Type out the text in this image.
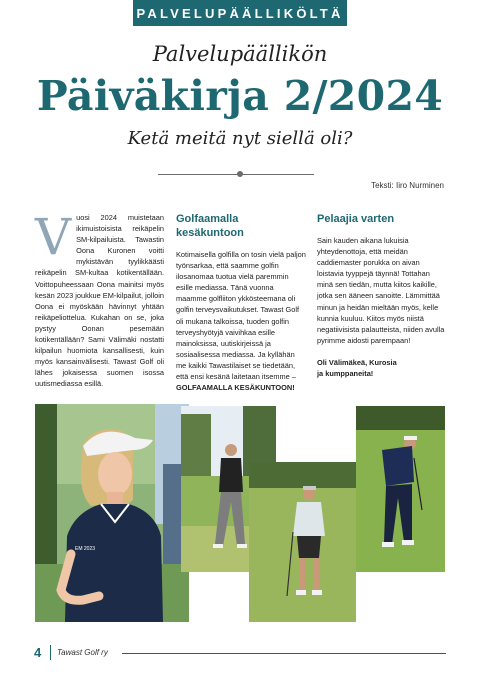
PALVELUPÄÄLLIKÖLTÄ
Palvelupäällikön
Päiväkirja 2/2024
Ketä meitä nyt siellä oli?
Teksti: Iiro Nurminen
V uosi 2024 muistetaan ikimuistoisista reikäpelin SM-kilpailuista. Tawastin Oona Kuronen voitti mykistävän tyylikkäästi reikäpelin SM-kultaa kotikentällään. Voittopuheessaan Oona mainitsi myös kesän 2023 joukkue EM-kilpailut, jolloin Oona ei myöskään hävinnyt yhtään reikäpeliottelua. Kukahan on se, joka pystyy Oonan pesemään kotikentällään? Sami Välimäki nostatti kilpailun huomiota kansallisesti, kuin myös kansainvälisesti. Tawast Golf oli lähes jokaisessa suomen isossa uutismediassa esillä.
Golfaamalla kesäkuntoon
Kotimaisella golfilla on tosin vielä paljon työnsarkaa, että saamme golfin ilosanomaa tuotua vielä paremmin esille mediassa. Tänä vuonna maamme golfliiton ykkösteemana oli golfin terveysvaikutukset. Tawast Golf oli mukana talkoissa, tuoden golfin terveyshyötyjä vaivihkaa esille mainoksissa, uutiskirjeissä ja sosiaalisessa mediassa. Ja kyllähän me kaikki Tawastilaiset se tiedetään, että ensi kesänä laitetaan itsemme – GOLFAAMALLA KESÄKUNTOON!
Pelaajia varten
Sain kauden aikana lukuisia yhteydenottoja, että meidän caddiemaster porukka on aivan loistavia tyyppejä täynnä! Tottahan minä sen tiedän, mutta kiitos kaikille, jotka sen ääneen sanoitte. Lämmittää minun ja heidän mieltään myös, kelle kunnia kuuluu. Kiitos myös niistä negatiivisista palautteista, niiden avulla pyrimme aidosti parempaan!
Oli Välimäkeä, Kurosia
ja kumppaneita!
EM 2023
4 Tawast Golf ry
